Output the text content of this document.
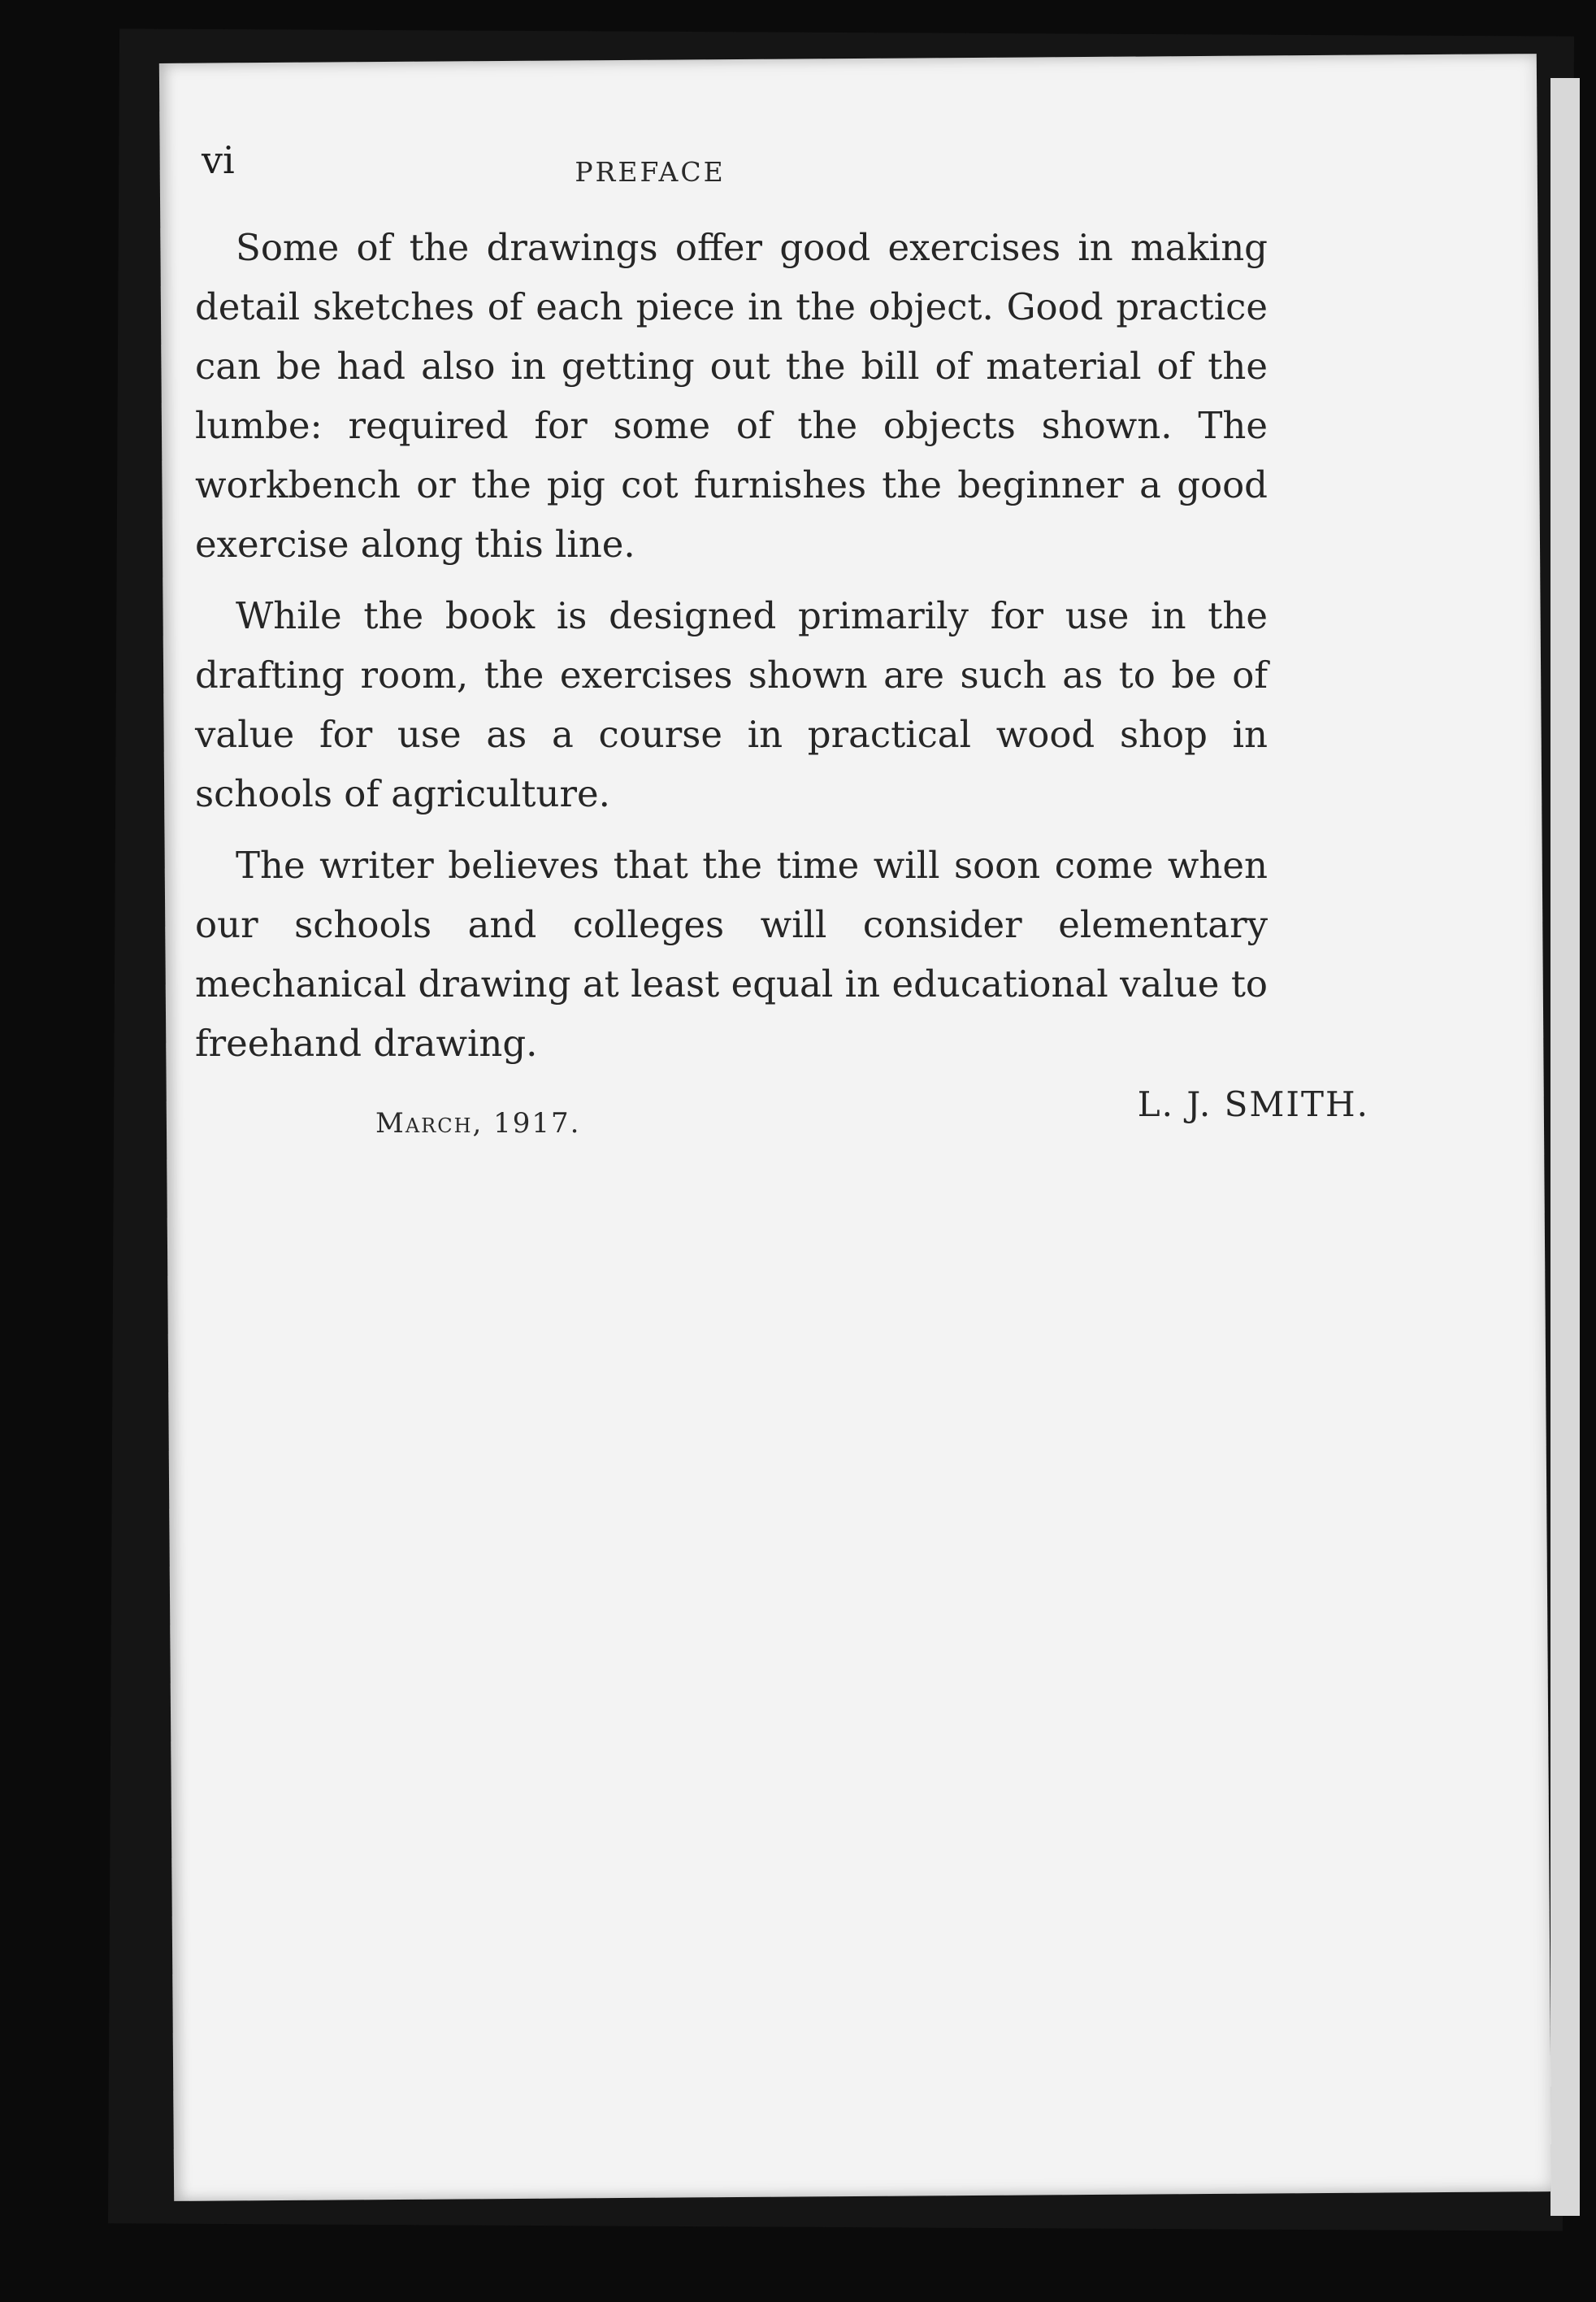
vi	PREFACE

Some of the drawings offer good exercises in making detail sketches of each piece in the object. Good practice can be had also in getting out the bill of material of the lumbe: required for some of the objects shown. The workbench or the pig cot furnishes the beginner a good exercise along this line.

While the book is designed primarily for use in the drafting room, the exercises shown are such as to be of value for use as a course in practical wood shop in schools of agriculture.

The writer believes that the time will soon come when our schools and colleges will consider elementary mechanical drawing at least equal in educational value to freehand drawing.

L. J. SMITH.

March, 1917.
